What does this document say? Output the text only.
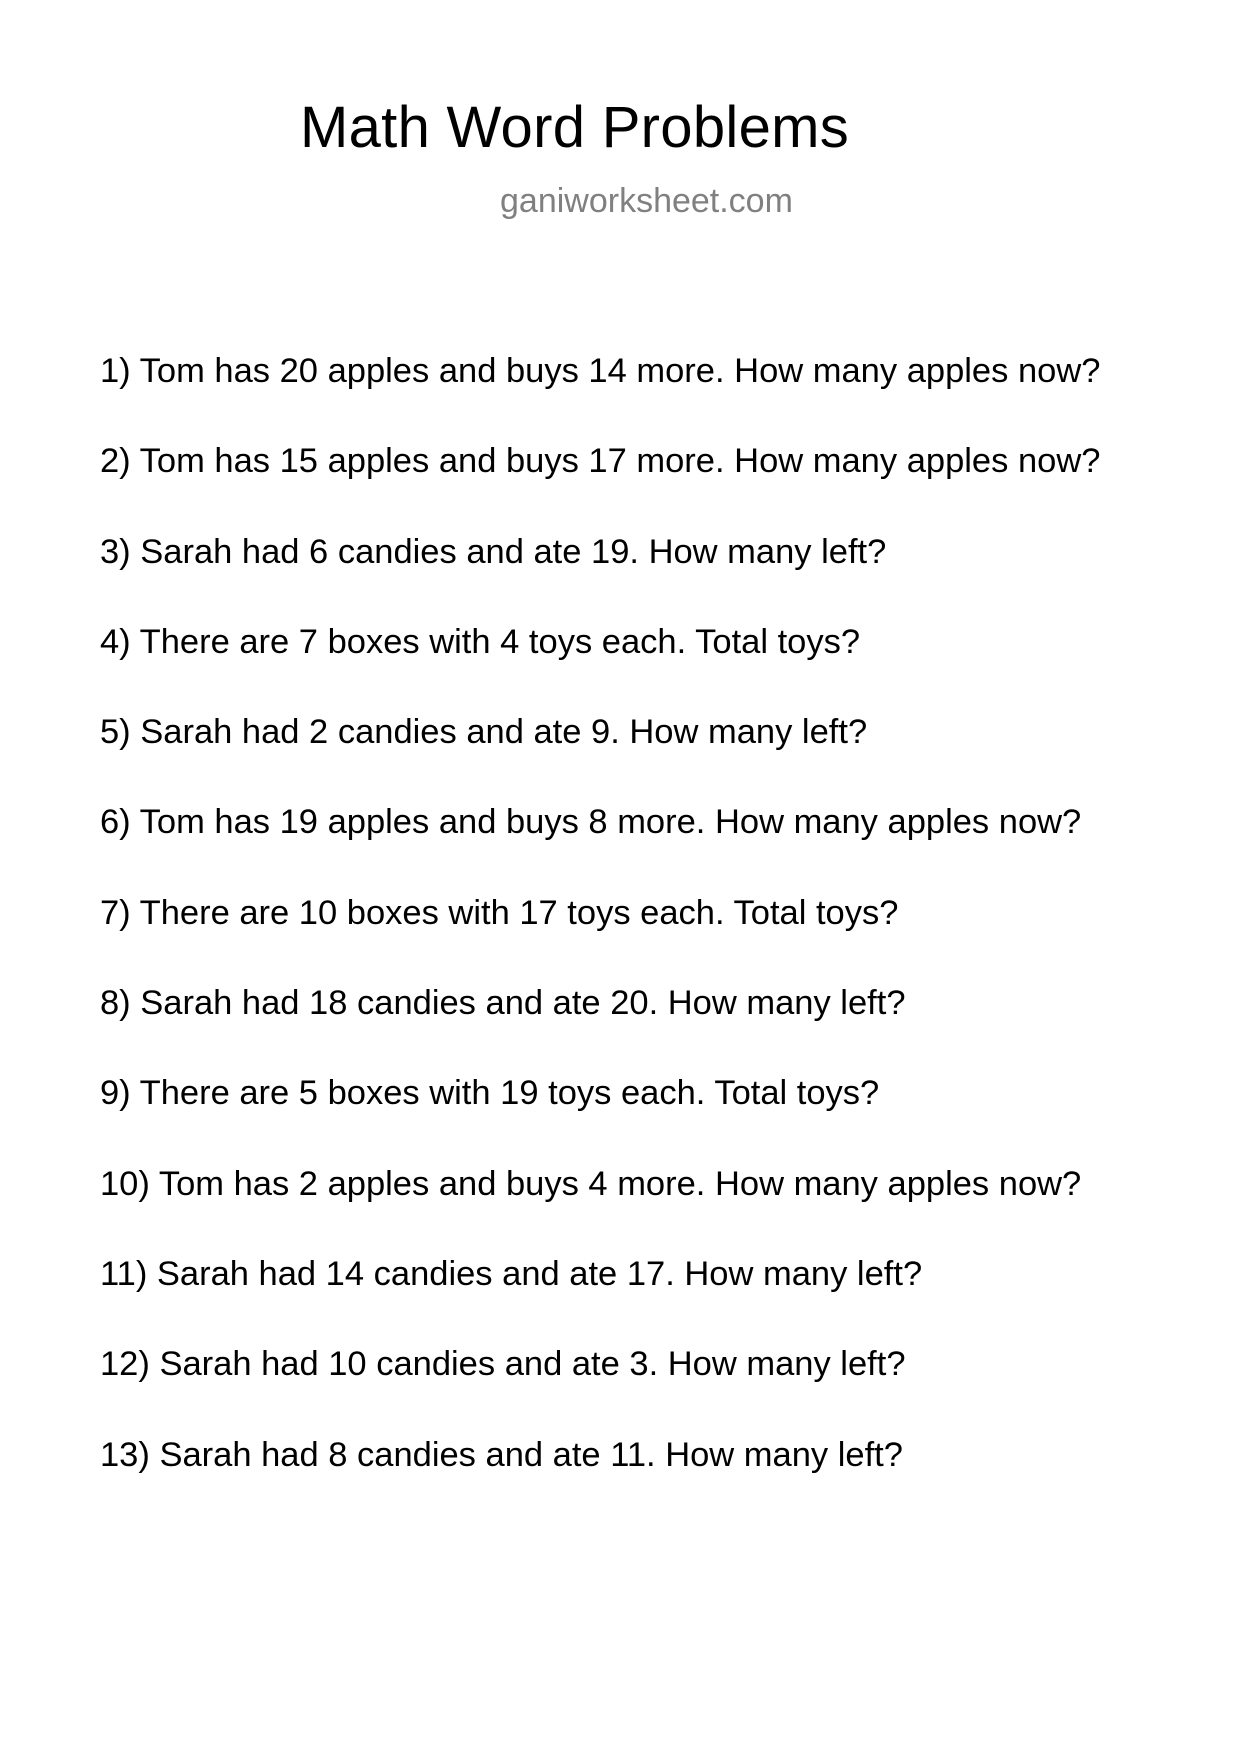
Math Word Problems
ganiworksheet.com
1) Tom has 20 apples and buys 14 more. How many apples now?
2) Tom has 15 apples and buys 17 more. How many apples now?
3) Sarah had 6 candies and ate 19. How many left?
4) There are 7 boxes with 4 toys each. Total toys?
5) Sarah had 2 candies and ate 9. How many left?
6) Tom has 19 apples and buys 8 more. How many apples now?
7) There are 10 boxes with 17 toys each. Total toys?
8) Sarah had 18 candies and ate 20. How many left?
9) There are 5 boxes with 19 toys each. Total toys?
10) Tom has 2 apples and buys 4 more. How many apples now?
11) Sarah had 14 candies and ate 17. How many left?
12) Sarah had 10 candies and ate 3. How many left?
13) Sarah had 8 candies and ate 11. How many left?
